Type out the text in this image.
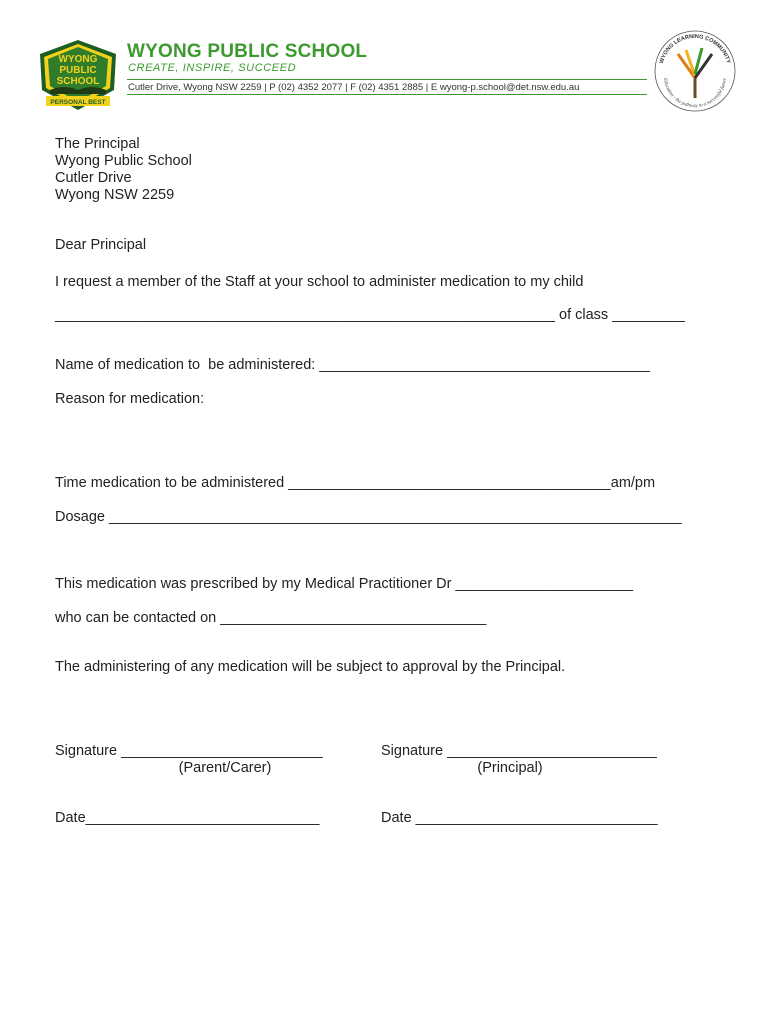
WYONG
PUBLIC
SCHOOL
PERSONAL BEST
WYONG PUBLIC SCHOOL
CREATE, INSPIRE, SUCCEED
Cutler Drive, Wyong NSW 2259 | P (02) 4352 2077 | F (02) 4351 2885 | E wyong-p.school@det.nsw.edu.au
WYONG LEARNING COMMUNITY
Education - the pathway to a successful future
The Principal
Wyong Public School
Cutler Drive
Wyong NSW 2259
Dear Principal
I request a member of the Staff at your school to administer medication to my child
______________________________________________________________ of class _________
Name of medication to  be administered: _________________________________________
Reason for medication:
Time medication to be administered ________________________________________am/pm
Dosage _______________________________________________________________________
This medication was prescribed by my Medical Practitioner Dr ______________________
who can be contacted on _________________________________
The administering of any medication will be subject to approval by the Principal.
Signature _________________________
(Parent/Carer)
Signature __________________________
(Principal)
Date_____________________________	Date ______________________________
